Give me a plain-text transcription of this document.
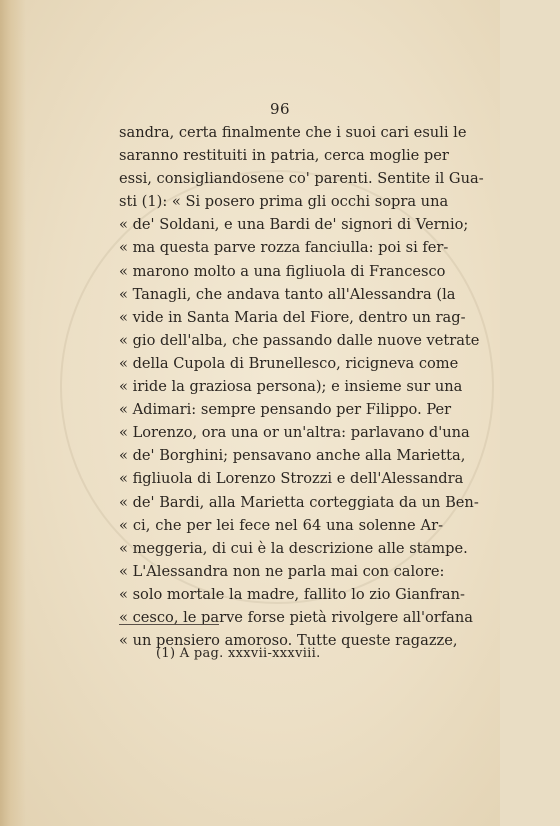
96
sandra, certa finalmente che i suoi cari esuli le
saranno restituiti in patria, cerca moglie per
essi, consigliandosene co' parenti. Sentite il Gua-
sti (1): « Si posero prima gli occhi sopra una
« de' Soldani, e una Bardi de' signori di Vernio;
« ma questa parve rozza fanciulla: poi si fer-
« marono molto a una figliuola di Francesco
« Tanagli, che andava tanto all'Alessandra (la
« vide in Santa Maria del Fiore, dentro un rag-
« gio dell'alba, che passando dalle nuove vetrate
« della Cupola di Brunellesco, ricigneva come
« iride la graziosa persona); e insieme sur una
« Adimari: sempre pensando per Filippo. Per
« Lorenzo, ora una or un'altra: parlavano d'una
« de' Borghini; pensavano anche alla Marietta,
« figliuola di Lorenzo Strozzi e dell'Alessandra
« de' Bardi, alla Marietta corteggiata da un Ben-
« ci, che per lei fece nel 64 una solenne Ar-
« meggeria, di cui è la descrizione alle stampe.
« L'Alessandra non ne parla mai con calore:
« solo mortale la madre, fallito lo zio Gianfran-
« cesco, le parve forse pietà rivolgere all'orfana
« un pensiero amoroso. Tutte queste ragazze,
(1) A pag. xxxvii-xxxviii.
